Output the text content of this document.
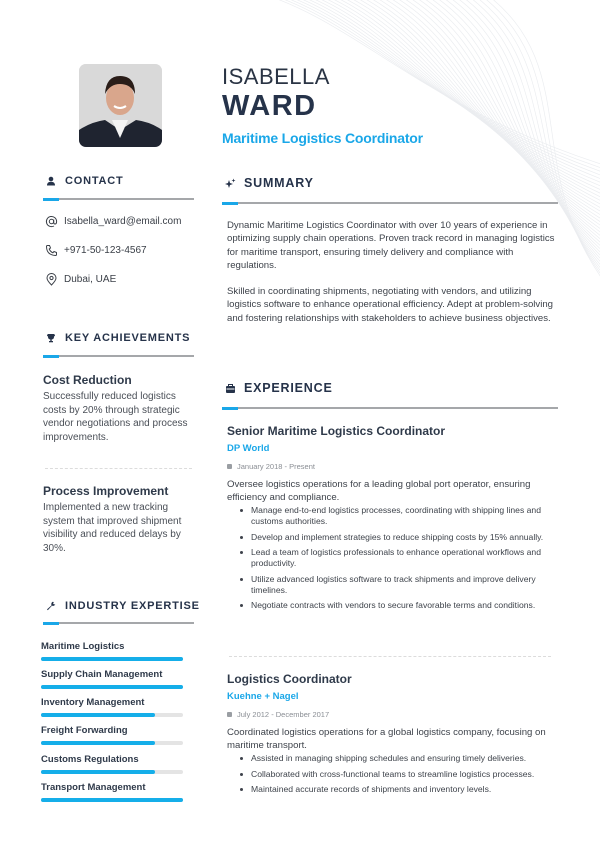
ISABELLA
WARD
Maritime Logistics Coordinator
CONTACT
Isabella_ward@email.com
+971-50-123-4567
Dubai, UAE
KEY ACHIEVEMENTS
Cost Reduction
Successfully reduced logistics costs by 20% through strategic vendor negotiations and process improvements.
Process Improvement
Implemented a new tracking system that improved shipment visibility and reduced delays by 30%.
INDUSTRY EXPERTISE
Maritime Logistics
Supply Chain Management
Inventory Management
Freight Forwarding
Customs Regulations
Transport Management
SUMMARY

Dynamic Maritime Logistics Coordinator with over 10 years of experience in optimizing supply chain operations. Proven track record in managing logistics for maritime transport, ensuring timely delivery and compliance with regulations.

Skilled in coordinating shipments, negotiating with vendors, and utilizing logistics software to enhance operational efficiency. Adept at problem-solving and fostering relationships with stakeholders to achieve business objectives.

EXPERIENCE
Senior Maritime Logistics Coordinator
DP World
January 2018 - Present
Oversee logistics operations for a leading global port operator, ensuring efficiency and compliance.
Manage end-to-end logistics processes, coordinating with shipping lines and customs authorities.
Develop and implement strategies to reduce shipping costs by 15% annually.
Lead a team of logistics professionals to enhance operational workflows and productivity.
Utilize advanced logistics software to track shipments and improve delivery timelines.
Negotiate contracts with vendors to secure favorable terms and conditions.
Logistics Coordinator
Kuehne + Nagel
July 2012 - December 2017
Coordinated logistics operations for a global logistics company, focusing on maritime transport.
Assisted in managing shipping schedules and ensuring timely deliveries.
Collaborated with cross-functional teams to streamline logistics processes.
Maintained accurate records of shipments and inventory levels.
